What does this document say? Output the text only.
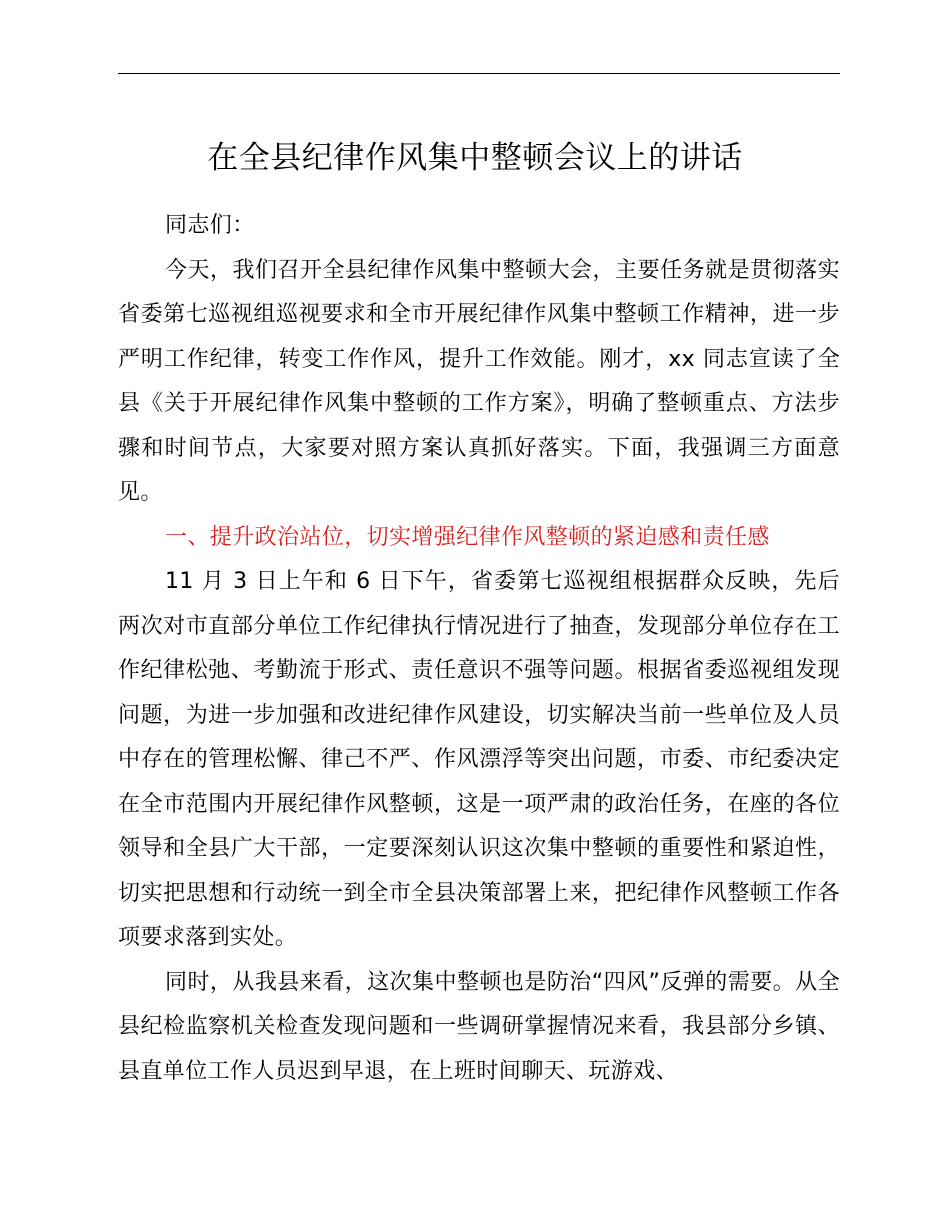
在全县纪律作风集中整顿会议上的讲话

同志们：

今天，我们召开全县纪律作风集中整顿大会，主要任务就是贯彻落实省委第七巡视组巡视要求和全市开展纪律作风集中整顿工作精神，进一步严明工作纪律，转变工作作风，提升工作效能。刚才，xx 同志宣读了全县《关于开展纪律作风集中整顿的工作方案》，明确了整顿重点、方法步骤和时间节点，大家要对照方案认真抓好落实。下面，我强调三方面意见。

一、提升政治站位，切实增强纪律作风整顿的紧迫感和责任感

11 月 3 日上午和 6 日下午，省委第七巡视组根据群众反映，先后两次对市直部分单位工作纪律执行情况进行了抽查，发现部分单位存在工作纪律松弛、考勤流于形式、责任意识不强等问题。根据省委巡视组发现问题，为进一步加强和改进纪律作风建设，切实解决当前一些单位及人员中存在的管理松懈、律己不严、作风漂浮等突出问题，市委、市纪委决定在全市范围内开展纪律作风整顿，这是一项严肃的政治任务，在座的各位领导和全县广大干部，一定要深刻认识这次集中整顿的重要性和紧迫性，切实把思想和行动统一到全市全县决策部署上来，把纪律作风整顿工作各项要求落到实处。

同时，从我县来看，这次集中整顿也是防治“四风”反弹的需要。从全县纪检监察机关检查发现问题和一些调研掌握情况来看，我县部分乡镇、县直单位工作人员迟到早退，在上班时间聊天、玩游戏、
